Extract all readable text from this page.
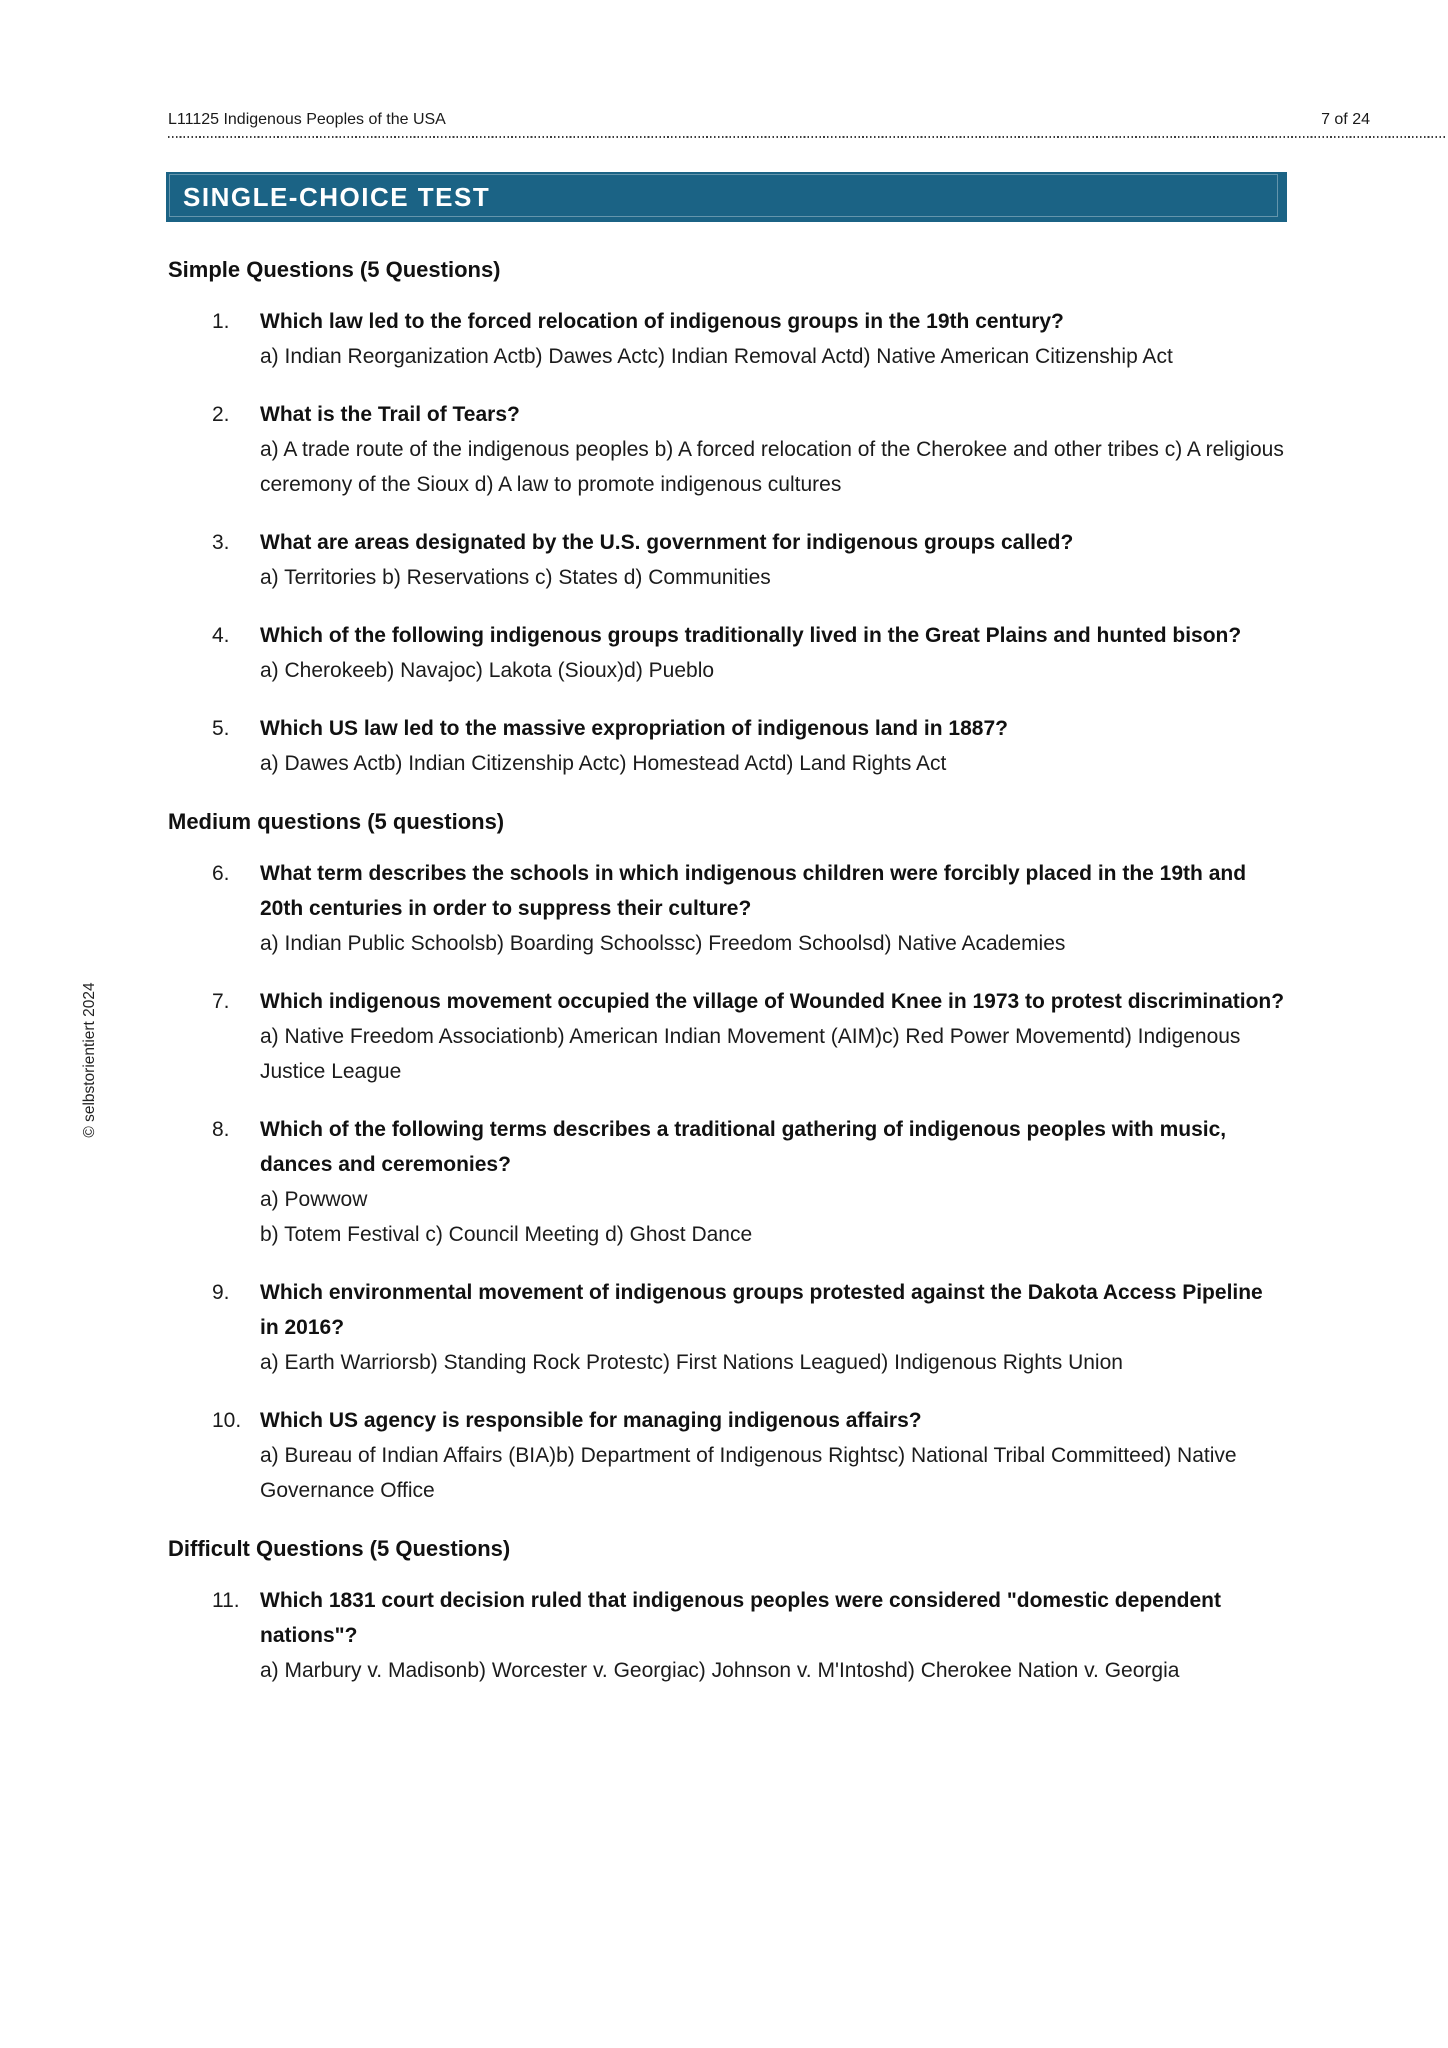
L11125 Indigenous Peoples of the USA	7 of 24
SINGLE-CHOICE TEST
© selbstorientiert 2024
Simple Questions (5 Questions)
1.	Which law led to the forced relocation of indigenous groups in the 19th century?
a) Indian Reorganization Actb) Dawes Actc) Indian Removal Actd) Native American Citizenship Act
2.	What is the Trail of Tears?
a) A trade route of the indigenous peoples b) A forced relocation of the Cherokee and other tribes c) A religious ceremony of the Sioux d) A law to promote indigenous cultures
3.	What are areas designated by the U.S. government for indigenous groups called?
a) Territories b) Reservations c) States d) Communities
4.	Which of the following indigenous groups traditionally lived in the Great Plains and hunted bison?
a) Cherokeeb) Navajoc) Lakota (Sioux)d) Pueblo
5.	Which US law led to the massive expropriation of indigenous land in 1887?
a) Dawes Actb) Indian Citizenship Actc) Homestead Actd) Land Rights Act
Medium questions (5 questions)
6.	What term describes the schools in which indigenous children were forcibly placed in the 19th and 20th centuries in order to suppress their culture?
a) Indian Public Schoolsb) Boarding Schoolssc) Freedom Schoolsd) Native Academies
7.	Which indigenous movement occupied the village of Wounded Knee in 1973 to protest discrimination?
a) Native Freedom Associationb) American Indian Movement (AIM)c) Red Power Movementd) Indigenous Justice League
8.	Which of the following terms describes a traditional gathering of indigenous peoples with music, dances and ceremonies?
a) Powwow
b) Totem Festival c) Council Meeting d) Ghost Dance
9.	Which environmental movement of indigenous groups protested against the Dakota Access Pipeline in 2016?
a) Earth Warriorsb) Standing Rock Protestc) First Nations Leagued) Indigenous Rights Union
10. Which US agency is responsible for managing indigenous affairs?
a) Bureau of Indian Affairs (BIA)b) Department of Indigenous Rightsc) National Tribal Committeed) Native Governance Office
Difficult Questions (5 Questions)
11. Which 1831 court decision ruled that indigenous peoples were considered "domestic dependent nations"?
a) Marbury v. Madisonb) Worcester v. Georgiac) Johnson v. M'Intoshd) Cherokee Nation v. Georgia
